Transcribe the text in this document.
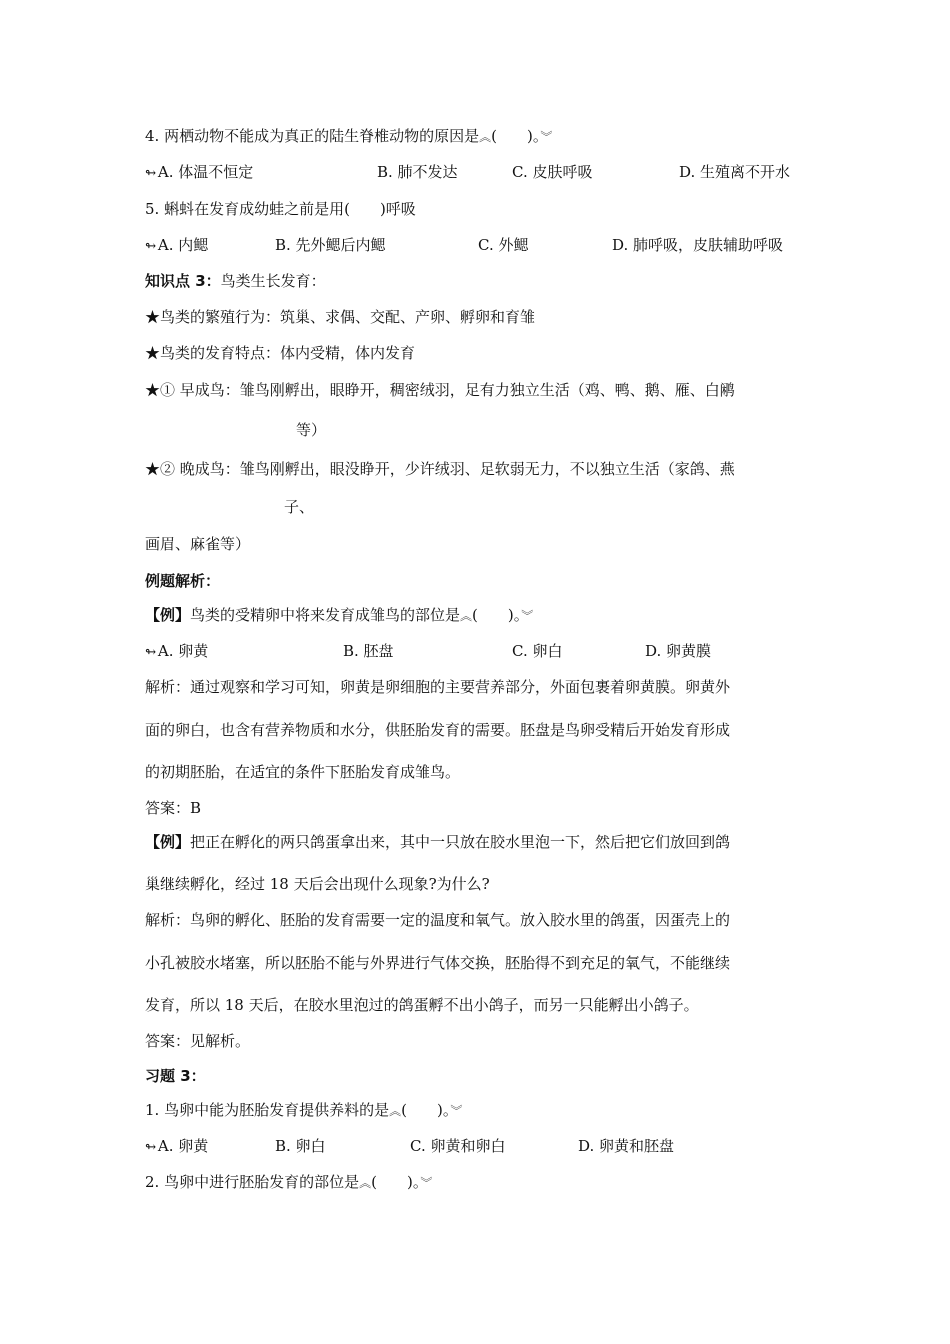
4. 两栖动物不能成为真正的陆生脊椎动物的原因是︽(　　)。︾
↬ A. 体温不恒定	B. 肺不发达	C. 皮肤呼吸	D. 生殖离不开水
5. 蝌蚪在发育成幼蛙之前是用(　　)呼吸
↬ A. 内鳃	B. 先外鳃后内鳃	C. 外鳃	D. 肺呼吸，皮肤辅助呼吸
知识点 3：鸟类生长发育：
★鸟类的繁殖行为：筑巢、求偶、交配、产卵、孵卵和育雏
★鸟类的发育特点：体内受精，体内发育
★① 早成鸟：雏鸟刚孵出，眼睁开，稠密绒羽，足有力独立生活（鸡、鸭、鹅、雁、白鹇
等）
★② 晚成鸟：雏鸟刚孵出，眼没睁开，少许绒羽、足软弱无力，不以独立生活（家鸽、燕
子、
画眉、麻雀等）
例题解析：
【例】鸟类的受精卵中将来发育成雏鸟的部位是︽(　　)。︾
↬ A. 卵黄	B. 胚盘	C. 卵白	D. 卵黄膜
解析：通过观察和学习可知，卵黄是卵细胞的主要营养部分，外面包裹着卵黄膜。卵黄外
面的卵白，也含有营养物质和水分，供胚胎发育的需要。胚盘是鸟卵受精后开始发育形成
的初期胚胎，在适宜的条件下胚胎发育成雏鸟。
答案：B
【例】把正在孵化的两只鸽蛋拿出来，其中一只放在胶水里泡一下，然后把它们放回到鸽
巢继续孵化，经过 18 天后会出现什么现象?为什么?
解析：鸟卵的孵化、胚胎的发育需要一定的温度和氧气。放入胶水里的鸽蛋，因蛋壳上的
小孔被胶水堵塞，所以胚胎不能与外界进行气体交换，胚胎得不到充足的氧气，不能继续
发育，所以 18 天后，在胶水里泡过的鸽蛋孵不出小鸽子，而另一只能孵出小鸽子。
答案：见解析。
习题 3：
1. 鸟卵中能为胚胎发育提供养料的是︽(　　)。︾
↬ A. 卵黄	B. 卵白	C. 卵黄和卵白	D. 卵黄和胚盘
2. 鸟卵中进行胚胎发育的部位是︽(　　)。︾
